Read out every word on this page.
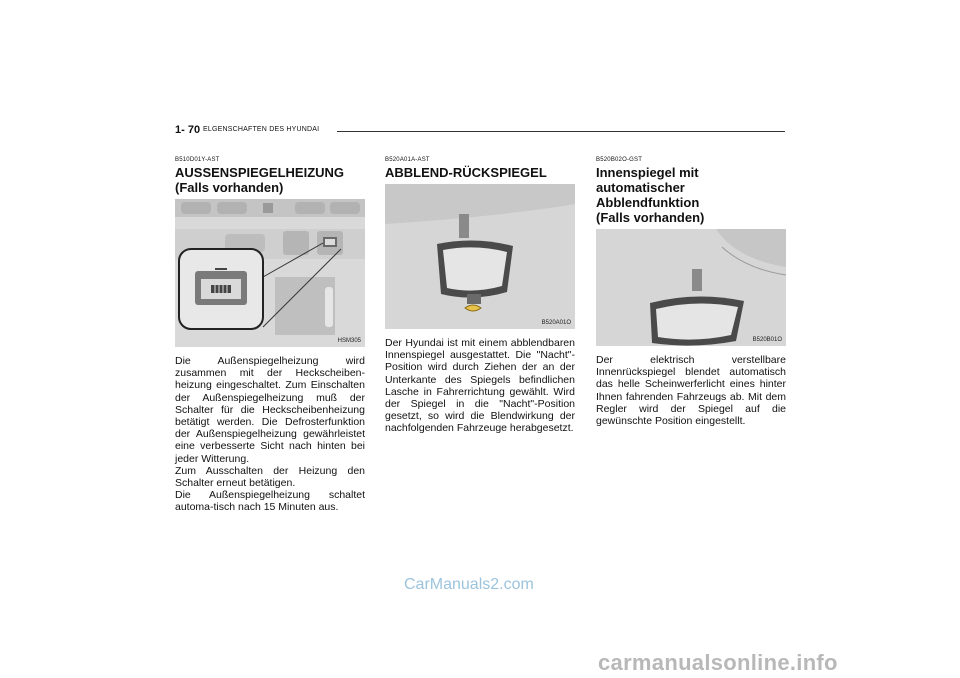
1- 70 ELGENSCHAFTEN DES HYUNDAI
B510D01Y-AST
AUSSENSPIEGELHEIZUNG
(Falls vorhanden)
HSM305
Die Außenspiegelheizung wird zusammen mit der Heckscheiben-heizung eingeschaltet. Zum Einschalten der Außenspiegelheizung muß der Schalter für die Heckscheibenheizung betätigt werden. Die Defrosterfunktion der Außenspiegelheizung gewährleistet eine verbesserte Sicht nach hinten bei jeder Witterung.
Zum Ausschalten der Heizung den Schalter erneut betätigen.
Die Außenspiegelheizung schaltet automa-tisch nach 15 Minuten aus.
B520A01A-AST
ABBLEND-RÜCKSPIEGEL
B520A01O
Der Hyundai ist mit einem abblendbaren Innenspiegel ausgestattet. Die "Nacht"-Position wird durch Ziehen der an der Unterkante des Spiegels befindlichen Lasche in Fahrerrichtung gewählt. Wird der Spiegel in die "Nacht"-Position gesetzt, so wird die Blendwirkung der nachfolgenden Fahrzeuge herabgesetzt.
B520B02O-GST
Innenspiegel mit automatischer
Abblendfunktion
(Falls vorhanden)
B520B01O
Der elektrisch verstellbare Innenrückspiegel blendet automatisch das helle Scheinwerferlicht eines hinter Ihnen fahrenden Fahrzeugs ab. Mit dem Regler wird der Spiegel auf die gewünschte Position eingestellt.
CarManuals2.com
carmanualsonline.info
